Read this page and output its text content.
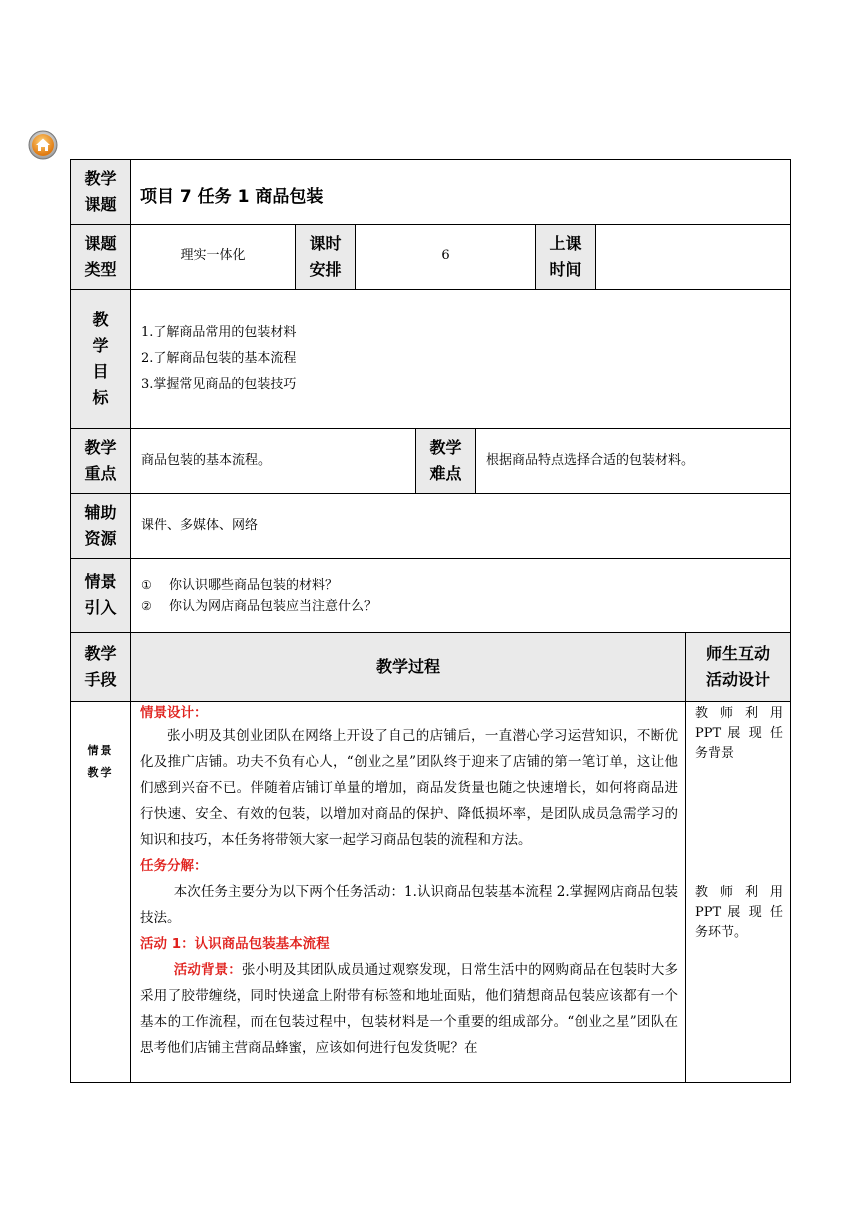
教学
课题	项目 7 任务 1 商品包装
课题
类型
理实一体化
课时
安排
6
上课
时间
教
学
目
标
1.了解商品常用的包装材料
2.了解商品包装的基本流程
3.掌握常见商品的包装技巧
教学
重点
商品包装的基本流程。
教学
难点
根据商品特点选择合适的包装材料。
辅助
资源
课件、多媒体、网络
情景
引入
① 你认识哪些商品包装的材料？
② 你认为网店商品包装应当注意什么？
教学
手段
教学过程
师生互动
活动设计
情景
教学

情景设计：

张小明及其创业团队在网络上开设了自己的店铺后，一直潜心学习运营知识，不断优化及推广店铺。功夫不负有心人，“创业之星”团队终于迎来了店铺的第一笔订单，这让他们感到兴奋不已。伴随着店铺订单量的增加，商品发货量也随之快速增长，如何将商品进行快速、安全、有效的包装，以增加对商品的保护、降低损坏率，是团队成员急需学习的知识和技巧，本任务将带领大家一起学习商品包装的流程和方法。

任务分解：

本次任务主要分为以下两个任务活动：1.认识商品包装基本流程 2.掌握网店商品包装技法。

活动 1：认识商品包装基本流程

活动背景：张小明及其团队成员通过观察发现，日常生活中的网购商品在包装时大多采用了胶带缠绕，同时快递盒上附带有标签和地址面贴，他们猜想商品包装应该都有一个基本的工作流程，而在包装过程中，包装材料是一个重要的组成部分。“创业之星”团队在思考他们店铺主营商品蜂蜜，应该如何进行包发货呢？在

教 师 利 用 PPT 展 现 任务背景
教 师 利 用 PPT 展 现 任务环节。
